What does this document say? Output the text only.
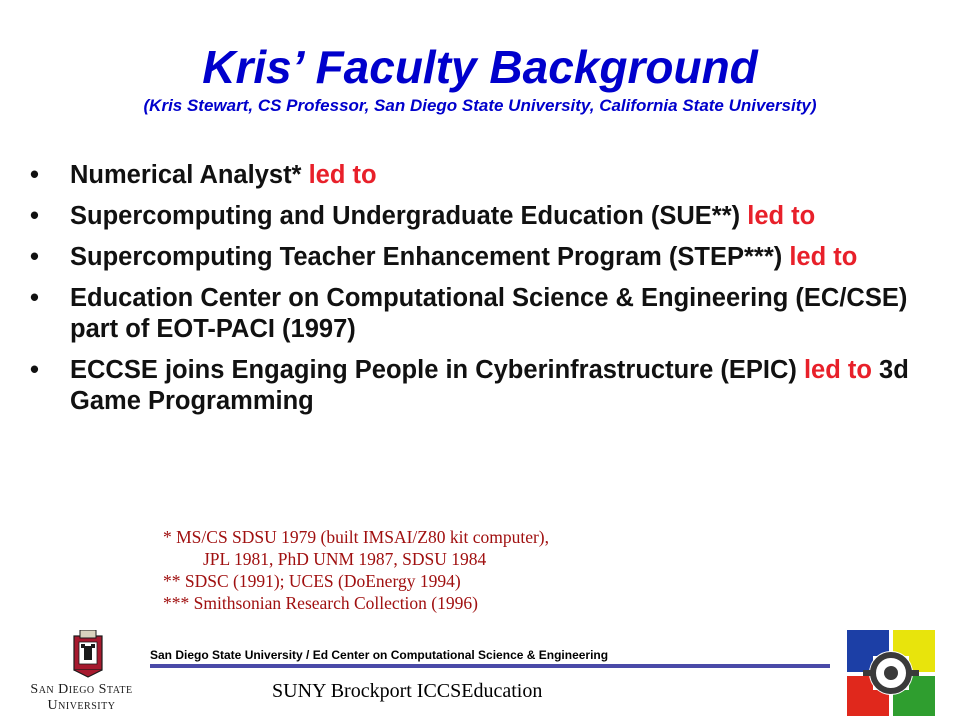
Kris’ Faculty Background
(Kris Stewart, CS Professor, San Diego State University, California State University)
• Numerical Analyst* led to
• Supercomputing and Undergraduate Education (SUE**) led to
• Supercomputing Teacher Enhancement Program (STEP***) led to
• Education Center on Computational Science & Engineering (EC/CSE) part of EOT-PACI (1997)
• ECCSE joins Engaging People in Cyberinfrastructure (EPIC) led to 3d Game Programming
* MS/CS SDSU 1979 (built IMSAI/Z80 kit computer),
JPL 1981, PhD UNM 1987, SDSU 1984
** SDSC (1991); UCES (DoEnergy 1994)
*** Smithsonian Research Collection (1996)
San Diego State
University
San Diego State University / Ed Center on Computational Science & Engineering
SUNY Brockport ICCSEducation
